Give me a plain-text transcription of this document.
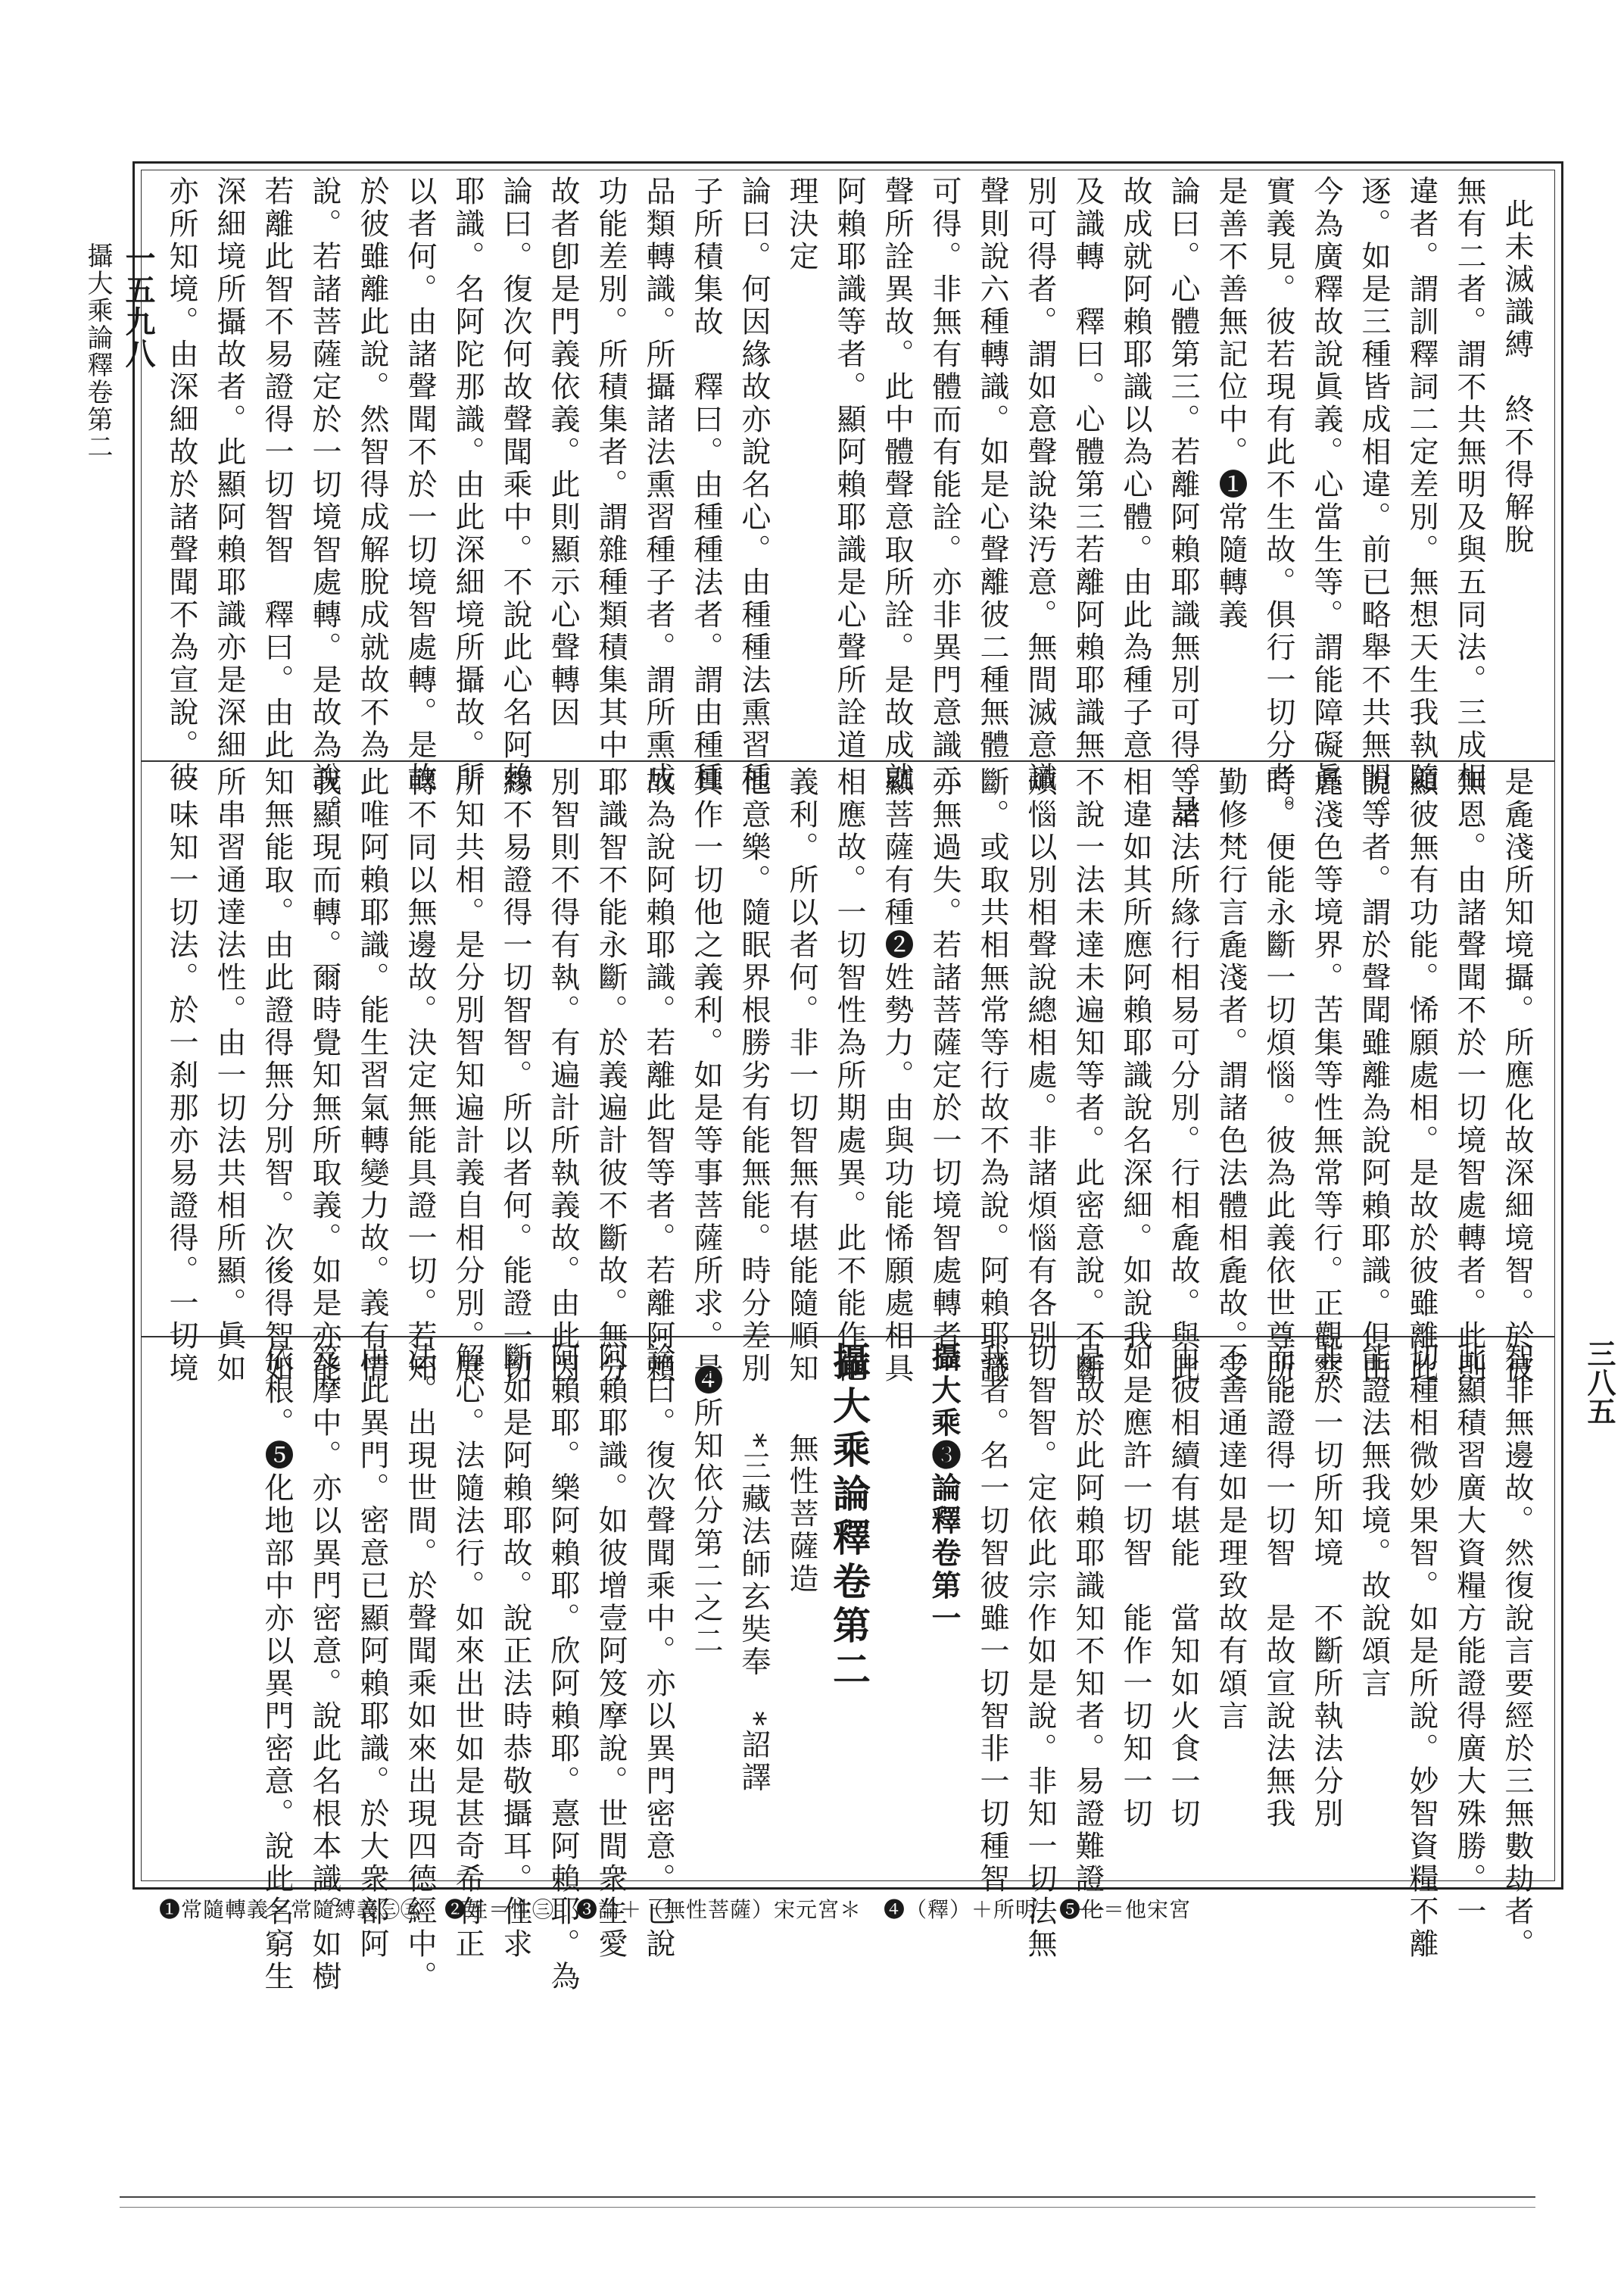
一五九八
攝大乘論釋卷第二
三八五
此未滅識縛　終不得解脫
無有二者。謂不共無明及與五同法。三成相
違者。謂訓釋詞二定差別。無想天生我執隨
逐。如是三種皆成相違。前已略舉不共無明。
今為廣釋故說眞義。心當生等。謂能障礙眞
實義見。彼若現有此不生故。俱行一切分者。
是善不善無記位中。❶常隨轉義
論曰。心體第三。若離阿賴耶識無別可得。是
故成就阿賴耶識以為心體。由此為種子意
及識轉　釋曰。心體第三若離阿賴耶識無
別可得者。謂如意聲說染汚意。無間滅意識
聲則說六種轉識。如是心聲離彼二種無體
可得。非無有體而有能詮。亦非異門意識二
聲所詮異故。此中體聲意取所詮。是故成就
阿賴耶識等者。顯阿賴耶識是心聲所詮道
理決定
論曰。何因緣故亦說名心。由種種法熏習種
子所積集故　釋曰。由種種法者。謂由種種
品類轉識。所攝諸法熏習種子者。謂所熏成
功能差別。所積集者。謂雜種類積集其中
故者卽是門義依義。此則顯示心聲轉因
論曰。復次何故聲聞乘中。不說此心名阿賴
耶識。名阿陀那識。由此深細境所攝故。所
以者何。由諸聲聞不於一切境智處轉。是故
於彼雖離此說。然智得成解脫成就故不為
說。若諸菩薩定於一切境智處轉。是故為說。
若離此智不易證得一切智智　釋曰。由此
深細境所攝故者。此顯阿賴耶識亦是深細
亦所知境。由深細故於諸聲聞不為宣說。彼
是麁淺所知境攝。所應化故深細境智。於彼
無恩。由諸聲聞不於一切境智處轉者。此則
顯彼無有功能。悕願處相。是故於彼雖離此
說等者。謂於聲聞雖離為說阿賴耶識。但由
麁淺色等境界。苦集等性無常等行。正觀察
時。便能永斷一切煩惱。彼為此義依世尊所。
勤修梵行言麁淺者。謂諸色法體相麁故。受
等諸法所緣行相易可分別。行相麁故。與此
相違如其所應阿賴耶識說名深細。如說我
不說一法未達未遍知等者。此密意說。不斷
煩惱以別相聲說總相處。非諸煩惱有各別
斷。或取共相無常等行故不為說。阿賴耶識
亦無過失。若諸菩薩定於一切境智處轉者。
顯菩薩有種❷姓勢力。由與功能悕願處相具
相應故。一切智性為所期處異。此不能作他
義利。所以者何。非一切智無有堪能隨順知
他意樂。隨眠界根勝劣有能無能。時分差別
具作一切他之義利。如是等事菩薩所求。是
故為說阿賴耶識。若離此智等者。若離阿賴
耶識智不能永斷。於義遍計彼不斷故。無分
別智則不得有執。有遍計所執義故。由此因
緣不易證得一切智智。所以者何。能證一切
所知共相。是分別智知遍計義自相分別。展
轉不同以無邊故。決定無能具證一切。若知
此唯阿賴耶識。能生習氣轉變力故。義有情
我顯現而轉。爾時覺知無所取義。如是亦能
知無能取。由此證得無分別智。次後得智如
所串習通達法性。由一切法共相所顯。眞如
一味知一切法。於一刹那亦易證得。一切境
智非無邊故。然復說言要經於三無數劫者。
此顯積習廣大資糧方能證得廣大殊勝。一
切種相微妙果智。如是所說。妙智資糧不離
能證法無我境。故說頌言
非於一切所知境　不斷所執法分別
而能證得一切智　是故宣說法無我
不善通達如是理致故有頌言
由彼相續有堪能　當知如火食一切
如是應許一切智　能作一切知一切
是故於此阿賴耶識知不知者。易證難證一
切智智。定依此宗作如是說。非知一切法無
我者。名一切智彼雖一切智非一切種智
攝大乘❸論釋卷第一
攝大乘論釋卷第二
無性菩薩造
*三藏法師玄奘奉　*詔譯
❹所知依分第二之二
論曰。復次聲聞乘中。亦以異門密意。已說
阿賴耶識。如彼增壹阿笈摩說。世間衆生愛
阿賴耶。樂阿賴耶。欣阿賴耶。憙阿賴耶。為
斷如是阿賴耶故。說正法時恭敬攝耳。住求
解心。法隨法行。如來出世如是甚奇希有正
法。出現世間。於聲聞乘如來出現四德經中。
由此異門。密意已顯阿賴耶識。於大衆部阿
笈摩中。亦以異門密意。說此名根本識。如樹
依根。❺化地部中亦以異門密意。說此名窮生
❶常隨轉義＝常隨縛義㊂㊄　❷姓＝性㊂　❸論＋（無性菩薩）宋元宮＊　❹（釋）＋所明　❺化＝他宋宮
